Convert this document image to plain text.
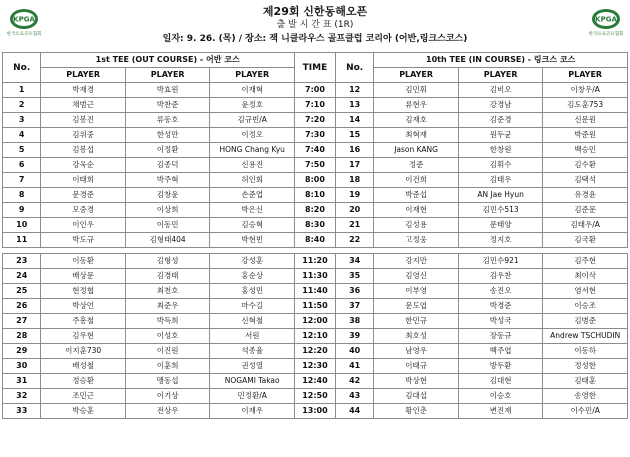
KPGA
한국프로골프협회
KPGA
한국프로골프협회
제29회 신한동해오픈
출 발 시 간 표 (1R)
일자: 9. 26. (목) / 장소: 잭 니클라우스 골프클럽 코리아 (어반,링크스코스)
No.	1st TEE (OUT COURSE) - 어반 코스			TIME	No.	10th TEE (IN COURSE) - 링크스 코스		
	PLAYER	PLAYER	PLAYER			PLAYER	PLAYER	PLAYER
1	박재경	박효원	이재혁	7:00	12	김민휘	김비오	이창우/A
2	채범근	박찬준	윤정호	7:10	13	류현우	강경남	김도훈753
3	김봉진	류동호	김규빈/A	7:20	14	김재호	김준경	신문원
4	김위중	한성만	이정오	7:30	15	최혁재	원두균	박준원
5	김봉섭	이정환	HONG Chang Kyu	7:40	16	Jason KANG	한창원	백승민
6	강욱순	김종덕	신용진	7:50	17	정준	김휘수	김수환
7	이태희	박주혁	허인회	8:00	18	이건희	김태우	김택석
8	문경준	김창윤	손준업	8:10	19	박준섭	AN Jae Hyun	유경윤
9	모중경	이상희	박은신	8:20	20	이재현	김민수513	김준문
10	이인우	이동민	김승혁	8:30	21	김성용	문태양	김태우/A
11	박도규	김형태404	박현빈	8:40	22	고정웅	정지호	김국환

23	이동환	김형성	강성훈	11:20	34	강지만	김민수921	김주현
24	배상문	김경태	홍순상	11:30	35	김영신	김우찬	최이삭
25	현정협	최천호	홍성민	11:40	36	이부영	송진오	염서현
26	박상언	최준우	마수길	11:50	37	문도엽	박경준	이승조
27	주흥철	박득희	신혁철	12:00	38	한민규	박성국	김병준
28	김우현	이성호	서원	12:10	39	최호성	장동규	Andrew TSCHUDIN
29	이지훈730	이진원	석종율	12:20	40	남영우	백주엽	이동하
30	배성철	이훈희	권성열	12:30	41	이태규	방두환	정성한
31	정승환	맹동섭	NOGAMI Takao	12:40	42	박상현	김대현	김태훈
32	조민근	이기상	민정환/A	12:50	43	김대섭	이승호	송영한
33	박승훈	전상우	이재우	13:00	44	황인춘	변진재	이수민/A
